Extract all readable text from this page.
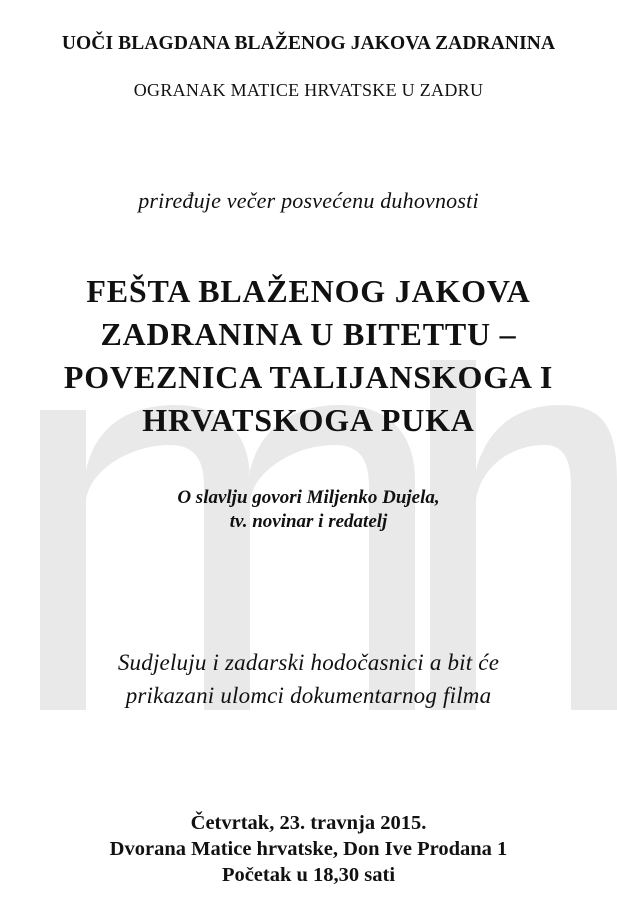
UOČI BLAGDANA BLAŽENOG JAKOVA ZADRANINA
OGRANAK MATICE HRVATSKE U ZADRU
priređuje večer posvećenu duhovnosti
FEŠTA BLAŽENOG JAKOVA
ZADRANINA U BITETTU –
POVEZNICA TALIJANSKOGA I
HRVATSKOGA PUKA
O slavlju govori Miljenko Dujela,
tv. novinar i redatelj
Sudjeluju i zadarski hodočasnici a bit će
prikazani ulomci dokumentarnog filma
Četvrtak, 23. travnja 2015.
Dvorana Matice hrvatske, Don Ive Prodana 1
Početak u 18,30 sati
